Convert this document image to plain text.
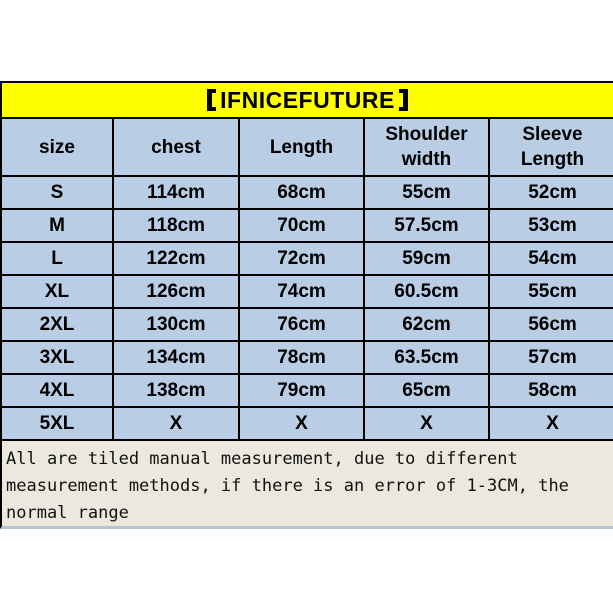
IFNICEFUTURE
size	chest	Length	Shoulder width	Sleeve Length
S	114cm	68cm	55cm	52cm
M	118cm	70cm	57.5cm	53cm
L	122cm	72cm	59cm	54cm
XL	126cm	74cm	60.5cm	55cm
2XL	130cm	76cm	62cm	56cm
3XL	134cm	78cm	63.5cm	57cm
4XL	138cm	79cm	65cm	58cm
5XL	X	X	X	X
All are tiled manual measurement, due to different
measurement methods, if there is an error of 1-3CM, the
normal range
